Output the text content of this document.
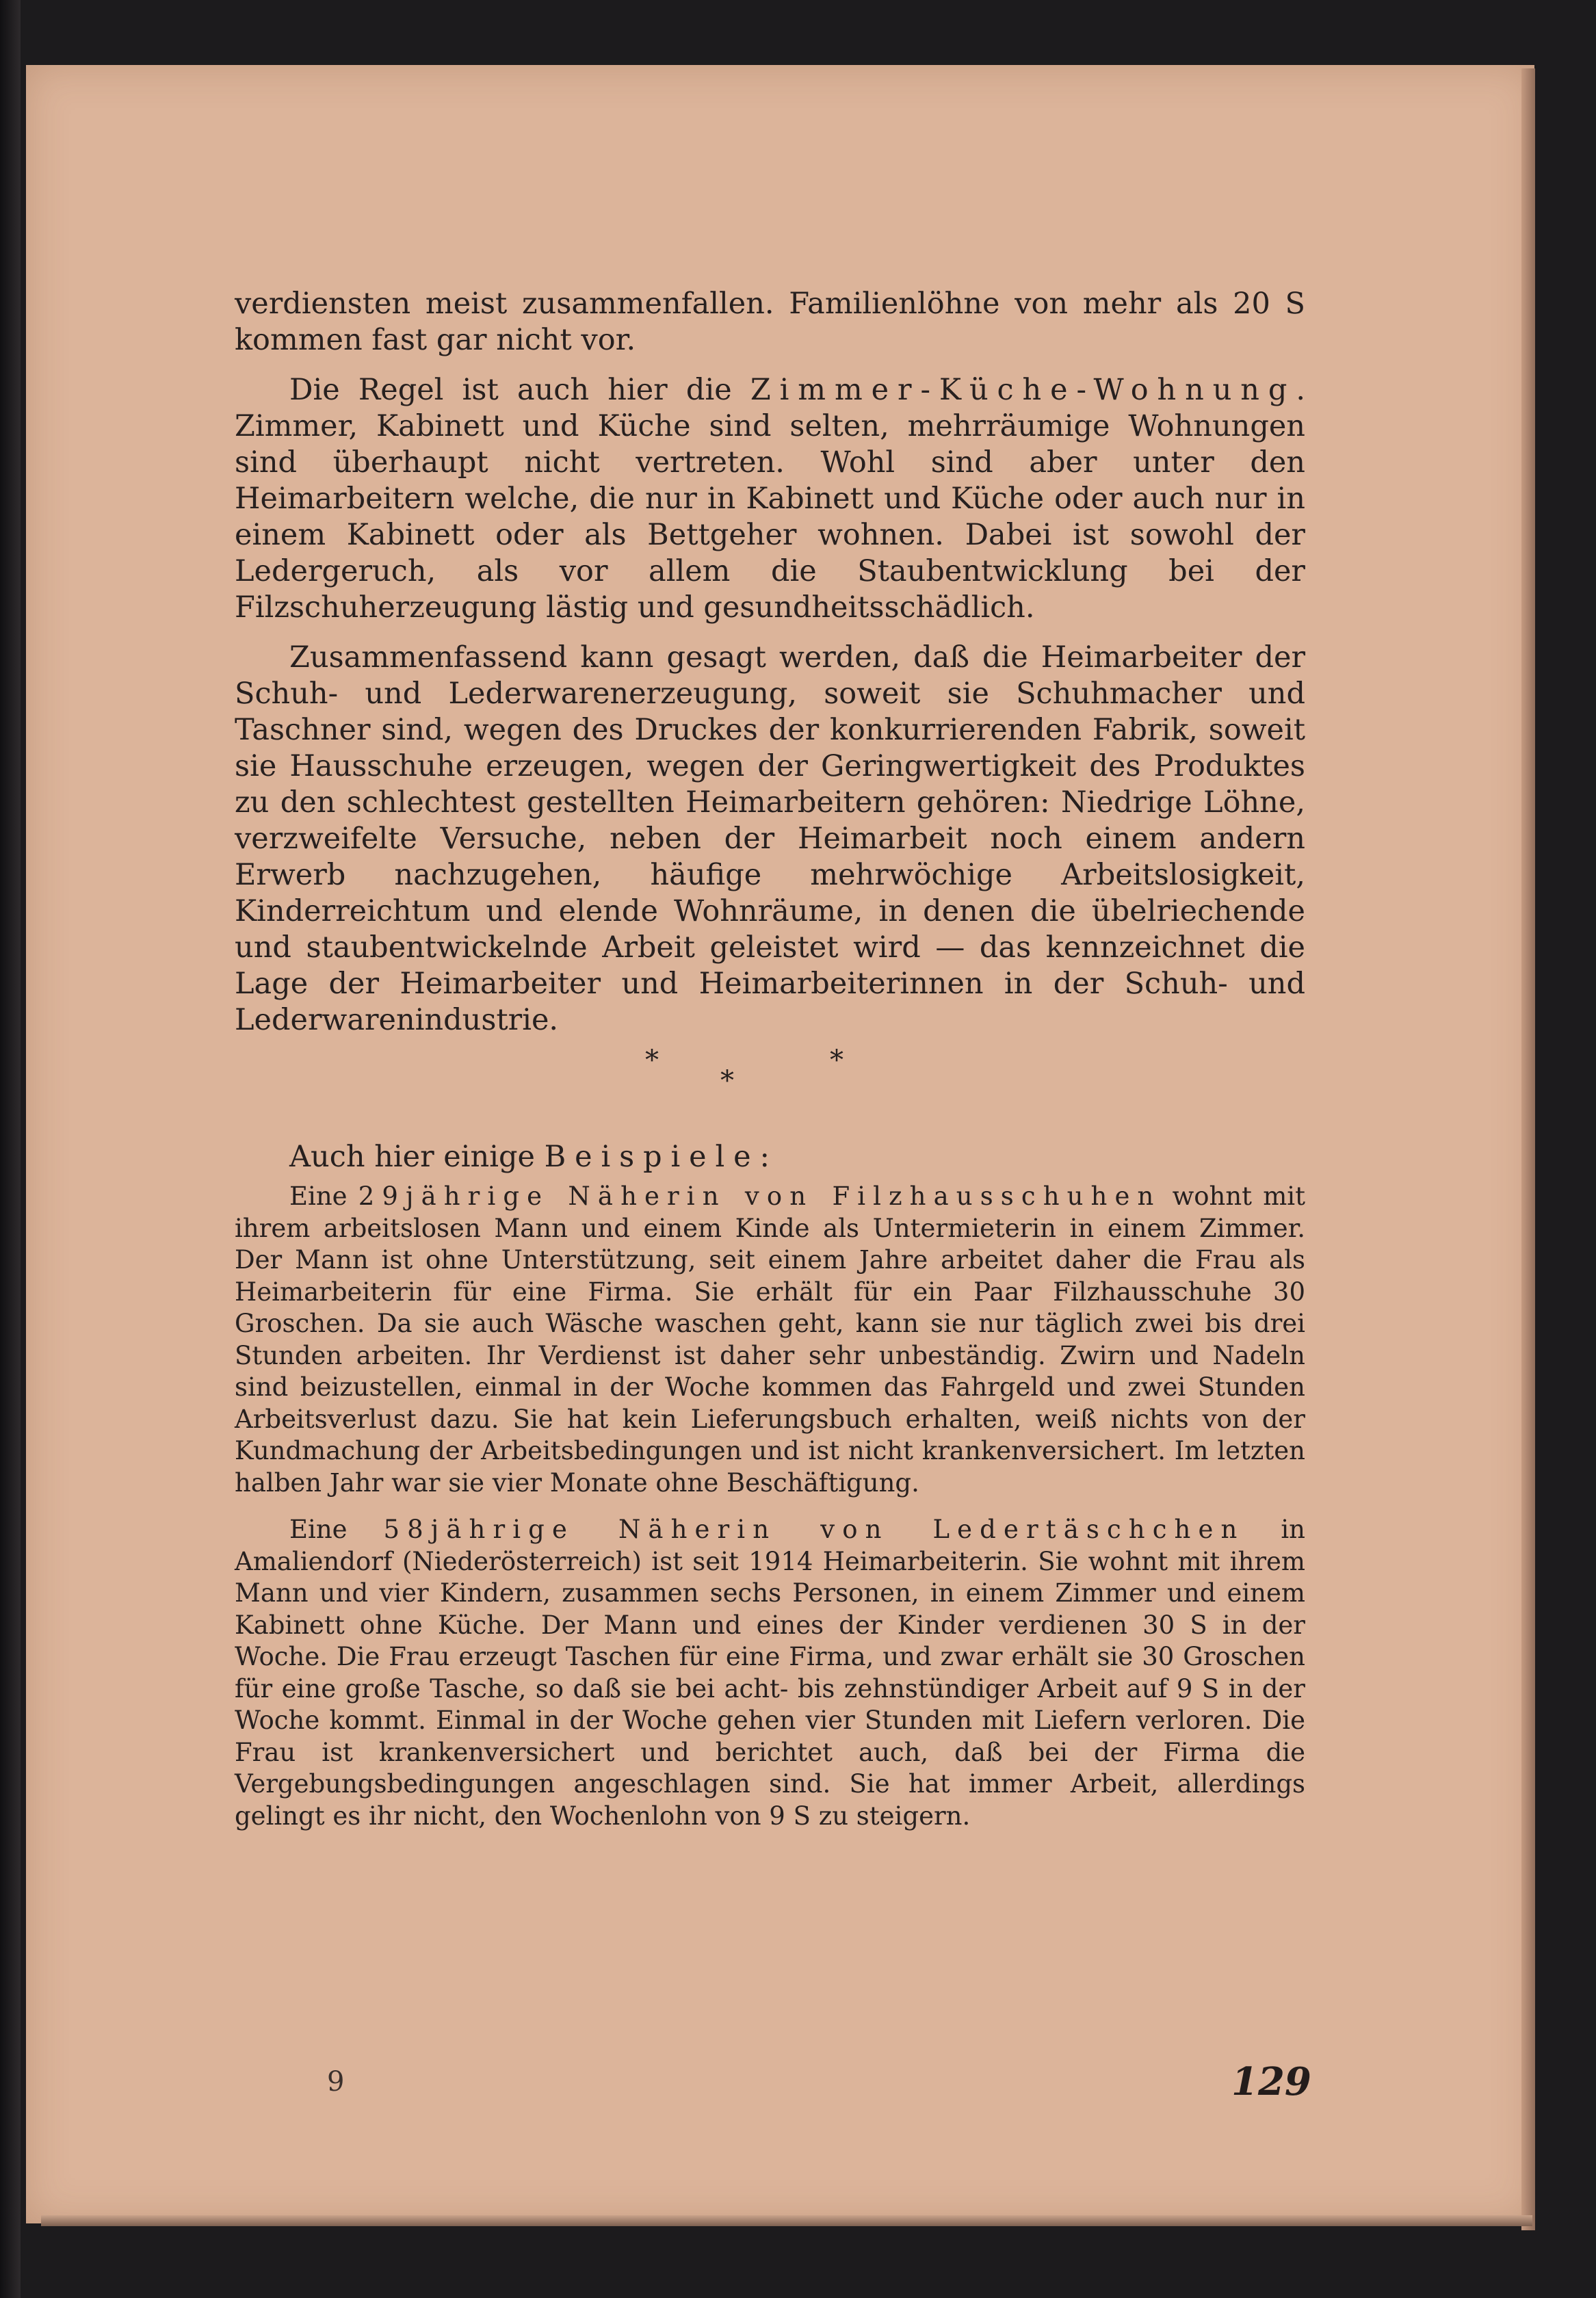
verdiensten meist zusammenfallen. Familienlöhne von mehr als 20 S kommen fast gar nicht vor.

Die Regel ist auch hier die Zimmer-Küche-Wohnung. Zimmer, Kabinett und Küche sind selten, mehrräumige Wohnungen sind überhaupt nicht vertreten. Wohl sind aber unter den Heimarbeitern welche, die nur in Kabinett und Küche oder auch nur in einem Kabinett oder als Bettgeher wohnen. Dabei ist sowohl der Ledergeruch, als vor allem die Staubentwicklung bei der Filzschuherzeugung lästig und gesundheitsschädlich.

Zusammenfassend kann gesagt werden, daß die Heimarbeiter der Schuh- und Lederwarenerzeugung, soweit sie Schuhmacher und Taschner sind, wegen des Druckes der konkurrierenden Fabrik, soweit sie Hausschuhe erzeugen, wegen der Geringwertigkeit des Produktes zu den schlechtest gestellten Heimarbeitern gehören: Niedrige Löhne, verzweifelte Versuche, neben der Heimarbeit noch einem andern Erwerb nachzugehen, häufige mehrwöchige Arbeitslosigkeit, Kinderreichtum und elende Wohnräume, in denen die übelriechende und staubentwickelnde Arbeit geleistet wird — das kennzeichnet die Lage der Heimarbeiter und Heimarbeiterinnen in der Schuh- und Lederwarenindustrie.

*	*
*

Auch hier einige Beispiele:

Eine 29jährige Näherin von Filzhausschuhen wohnt mit ihrem arbeitslosen Mann und einem Kinde als Untermieterin in einem Zimmer. Der Mann ist ohne Unterstützung, seit einem Jahre arbeitet daher die Frau als Heimarbeiterin für eine Firma. Sie erhält für ein Paar Filzhausschuhe 30 Groschen. Da sie auch Wäsche waschen geht, kann sie nur täglich zwei bis drei Stunden arbeiten. Ihr Verdienst ist daher sehr unbeständig. Zwirn und Nadeln sind beizustellen, einmal in der Woche kommen das Fahrgeld und zwei Stunden Arbeitsverlust dazu. Sie hat kein Lieferungsbuch erhalten, weiß nichts von der Kundmachung der Arbeitsbedingungen und ist nicht krankenversichert. Im letzten halben Jahr war sie vier Monate ohne Beschäftigung.

Eine 58jährige Näherin von Ledertäschchen in Amaliendorf (Niederösterreich) ist seit 1914 Heimarbeiterin. Sie wohnt mit ihrem Mann und vier Kindern, zusammen sechs Personen, in einem Zimmer und einem Kabinett ohne Küche. Der Mann und eines der Kinder verdienen 30 S in der Woche. Die Frau erzeugt Taschen für eine Firma, und zwar erhält sie 30 Groschen für eine große Tasche, so daß sie bei acht- bis zehnstündiger Arbeit auf 9 S in der Woche kommt. Einmal in der Woche gehen vier Stunden mit Liefern verloren. Die Frau ist krankenversichert und berichtet auch, daß bei der Firma die Vergebungsbedingungen angeschlagen sind. Sie hat immer Arbeit, allerdings gelingt es ihr nicht, den Wochenlohn von 9 S zu steigern.

9	129
